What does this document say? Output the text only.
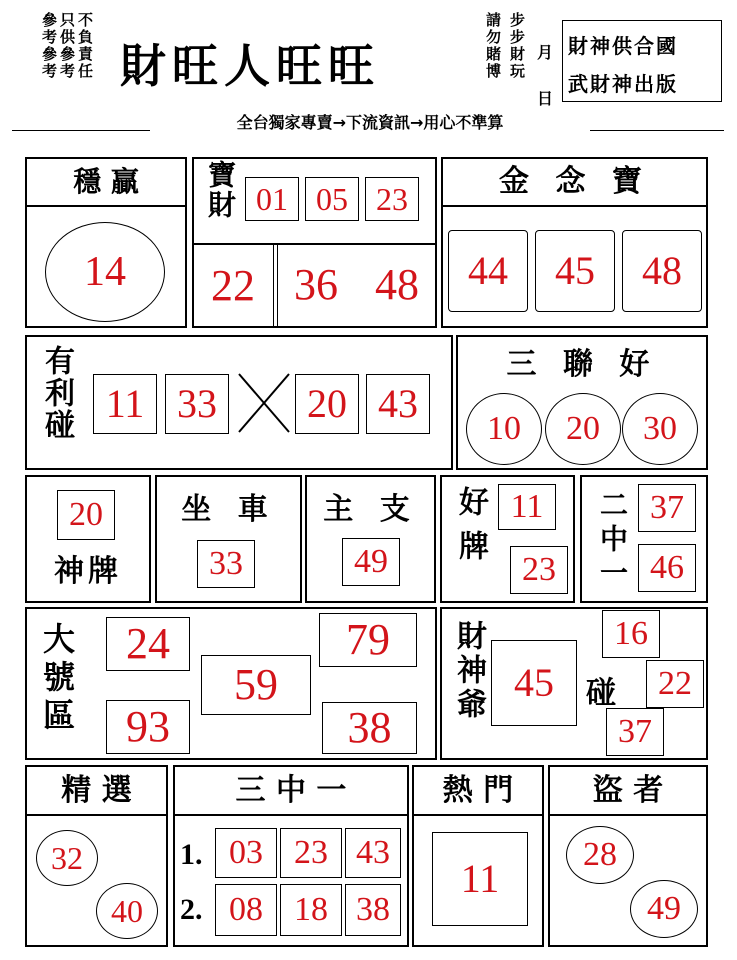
只供參考
參考參考 不負責任 財旺人旺旺	請勿賭博 步步財玩 月
日
財神供合國
武財神出版
全台獨家專賣→下流資訊→用心不準算
穩 贏
14
寶財 01 05 23
22 36 48
金 念 寶
44	45	48
有利碰 11 33	20 43
三 聯 好
10	20	30
20
神牌
坐 車
33
主 支
49	好牌 11
23	二中一 37
46
大號區	24
93
59
79
38
財神爺 45	碰
16
22
37
精 選
32
40
三 中 一
1. 03 23 43
2. 08 18 38
熱 門
11
盜 者
28
49
